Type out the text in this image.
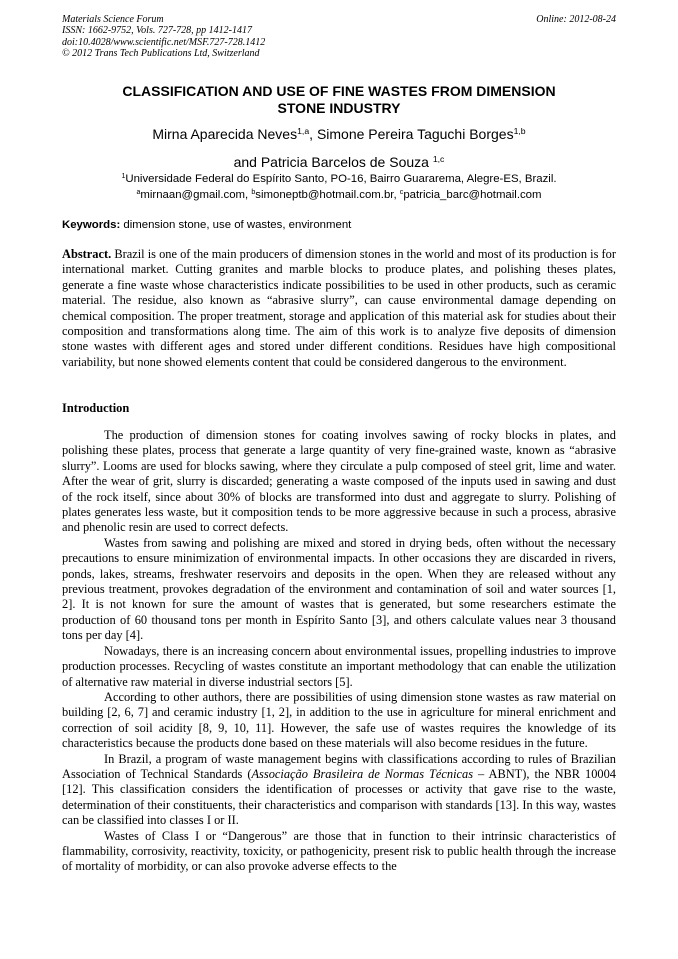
Materials Science Forum
ISSN: 1662-9752, Vols. 727-728, pp 1412-1417
doi:10.4028/www.scientific.net/MSF.727-728.1412
© 2012 Trans Tech Publications Ltd, Switzerland
Online: 2012-08-24
CLASSIFICATION AND USE OF FINE WASTES FROM DIMENSION
STONE INDUSTRY
Mirna Aparecida Neves$^{1,a}$, Simone Pereira Taguchi Borges$^{1,b}$
and Patricia Barcelos de Souza $^{1,c}$
$^1$Universidade Federal do Espírito Santo, PO-16, Bairro Guararema, Alegre-ES, Brazil.
$^a$mirnaan@gmail.com, $^b$simoneptb@hotmail.com.br, $^c$patricia_barc@hotmail.com
Keywords: dimension stone, use of wastes, environment
Abstract. Brazil is one of the main producers of dimension stones in the world and most of its production is for international market. Cutting granites and marble blocks to produce plates, and polishing theses plates, generate a fine waste whose characteristics indicate possibilities to be used in other products, such as ceramic material. The residue, also known as “abrasive slurry”, can cause environmental damage depending on chemical composition. The proper treatment, storage and application of this material ask for studies about their composition and transformations along time. The aim of this work is to analyze five deposits of dimension stone wastes with different ages and stored under different conditions. Residues have high compositional variability, but none showed elements content that could be considered dangerous to the environment.
Introduction

The production of dimension stones for coating involves sawing of rocky blocks in plates, and polishing these plates, process that generate a large quantity of very fine-grained waste, known as “abrasive slurry”. Looms are used for blocks sawing, where they circulate a pulp composed of steel grit, lime and water. After the wear of grit, slurry is discarded; generating a waste composed of the inputs used in sawing and dust of the rock itself, since about 30% of blocks are transformed into dust and aggregate to slurry. Polishing of plates generates less waste, but it composition tends to be more aggressive because in such a process, abrasive and phenolic resin are used to correct defects.

Wastes from sawing and polishing are mixed and stored in drying beds, often without the necessary precautions to ensure minimization of environmental impacts. In other occasions they are discarded in rivers, ponds, lakes, streams, freshwater reservoirs and deposits in the open. When they are released without any previous treatment, provokes degradation of the environment and contamination of soil and water sources [1, 2]. It is not known for sure the amount of wastes that is generated, but some researchers estimate the production of 60 thousand tons per month in Espírito Santo [3], and others calculate values near 3 thousand tons per day [4].

Nowadays, there is an increasing concern about environmental issues, propelling industries to improve production processes. Recycling of wastes constitute an important methodology that can enable the utilization of alternative raw material in diverse industrial sectors [5].

According to other authors, there are possibilities of using dimension stone wastes as raw material on building [2, 6, 7] and ceramic industry [1, 2], in addition to the use in agriculture for mineral enrichment and correction of soil acidity [8, 9, 10, 11]. However, the safe use of wastes requires the knowledge of its characteristics because the products done based on these materials will also become residues in the future.

In Brazil, a program of waste management begins with classifications according to rules of Brazilian Association of Technical Standards (Associação Brasileira de Normas Técnicas – ABNT), the NBR 10004 [12]. This classification considers the identification of processes or activity that gave rise to the waste, determination of their constituents, their characteristics and comparison with standards [13]. In this way, wastes can be classified into classes I or II.

Wastes of Class I or “Dangerous” are those that in function to their intrinsic characteristics of flammability, corrosivity, reactivity, toxicity, or pathogenicity, present risk to public health through the increase of mortality of morbidity, or can also provoke adverse effects to the
